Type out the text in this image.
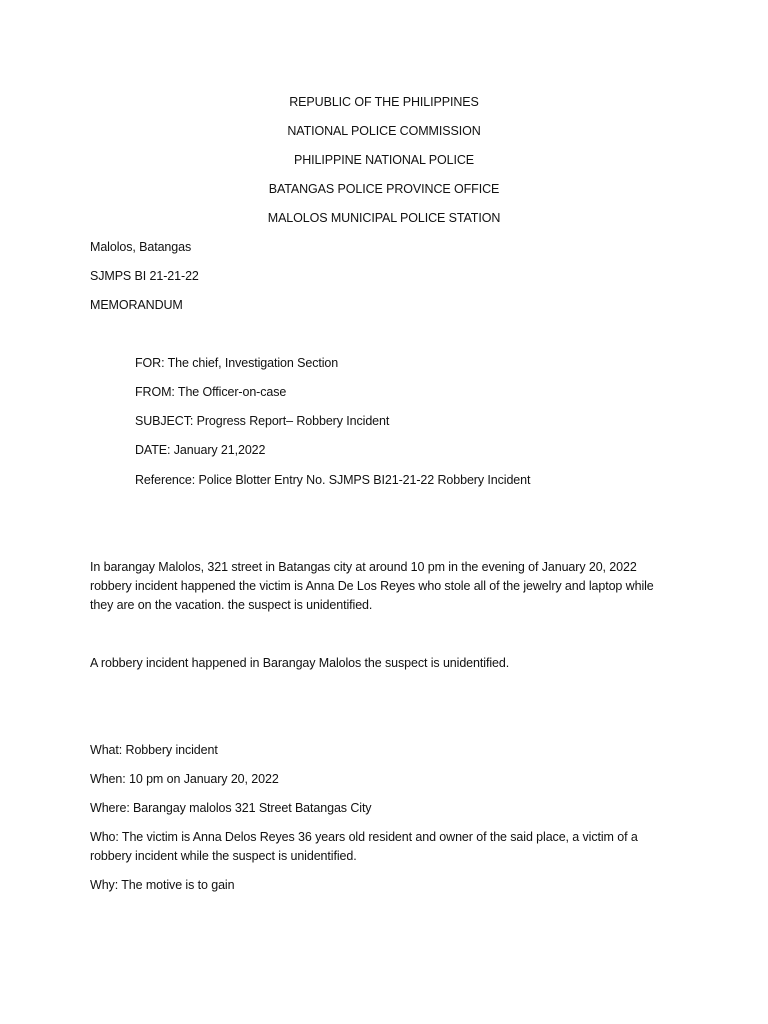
REPUBLIC OF THE PHILIPPINES
NATIONAL POLICE COMMISSION
PHILIPPINE NATIONAL POLICE
BATANGAS POLICE PROVINCE OFFICE
MALOLOS MUNICIPAL POLICE STATION
Malolos, Batangas
SJMPS BI 21-21-22
MEMORANDUM
FOR: The chief, Investigation Section
FROM: The Officer-on-case
SUBJECT: Progress Report– Robbery Incident
DATE: January 21,2022
Reference: Police Blotter Entry No. SJMPS BI21-21-22 Robbery Incident
In barangay Malolos, 321 street in Batangas city at around 10 pm in the evening of January 20, 2022 robbery incident happened the victim is Anna De Los Reyes who stole all of the jewelry and laptop while they are on the vacation. the suspect is unidentified.
A robbery incident happened in Barangay Malolos the suspect is unidentified.
What: Robbery incident
When: 10 pm on January 20, 2022
Where: Barangay malolos 321 Street Batangas City
Who: The victim is Anna Delos Reyes 36 years old resident and owner of the said place, a victim of a robbery incident while the suspect is unidentified.
Why: The motive is to gain
